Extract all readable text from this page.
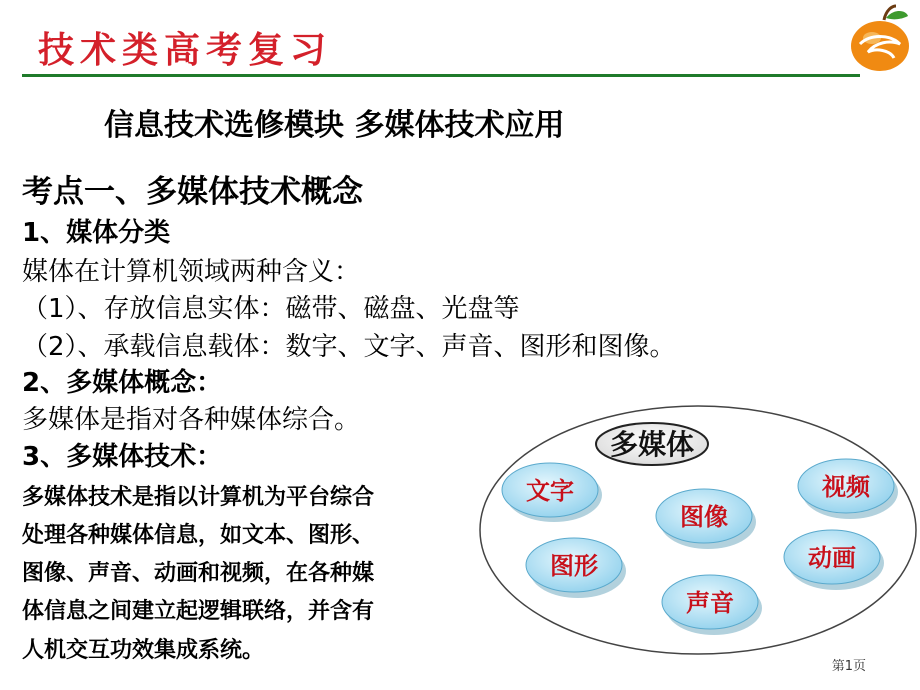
技术类高考复习
信息技术选修模块 多媒体技术应用
考点一、多媒体技术概念
1、媒体分类
媒体在计算机领域两种含义：
（1）、存放信息实体：磁带、磁盘、光盘等
（2）、承载信息载体：数字、文字、声音、图形和图像。
2、多媒体概念：
多媒体是指对各种媒体综合。
3、多媒体技术：
多媒体技术是指以计算机为平台综合
处理各种媒体信息，如文本、图形、
图像、声音、动画和视频，在各种媒
体信息之间建立起逻辑联络，并含有
人机交互功效集成系统。
多媒体
文字
图像
视频
图形
声音
动画
第1页
